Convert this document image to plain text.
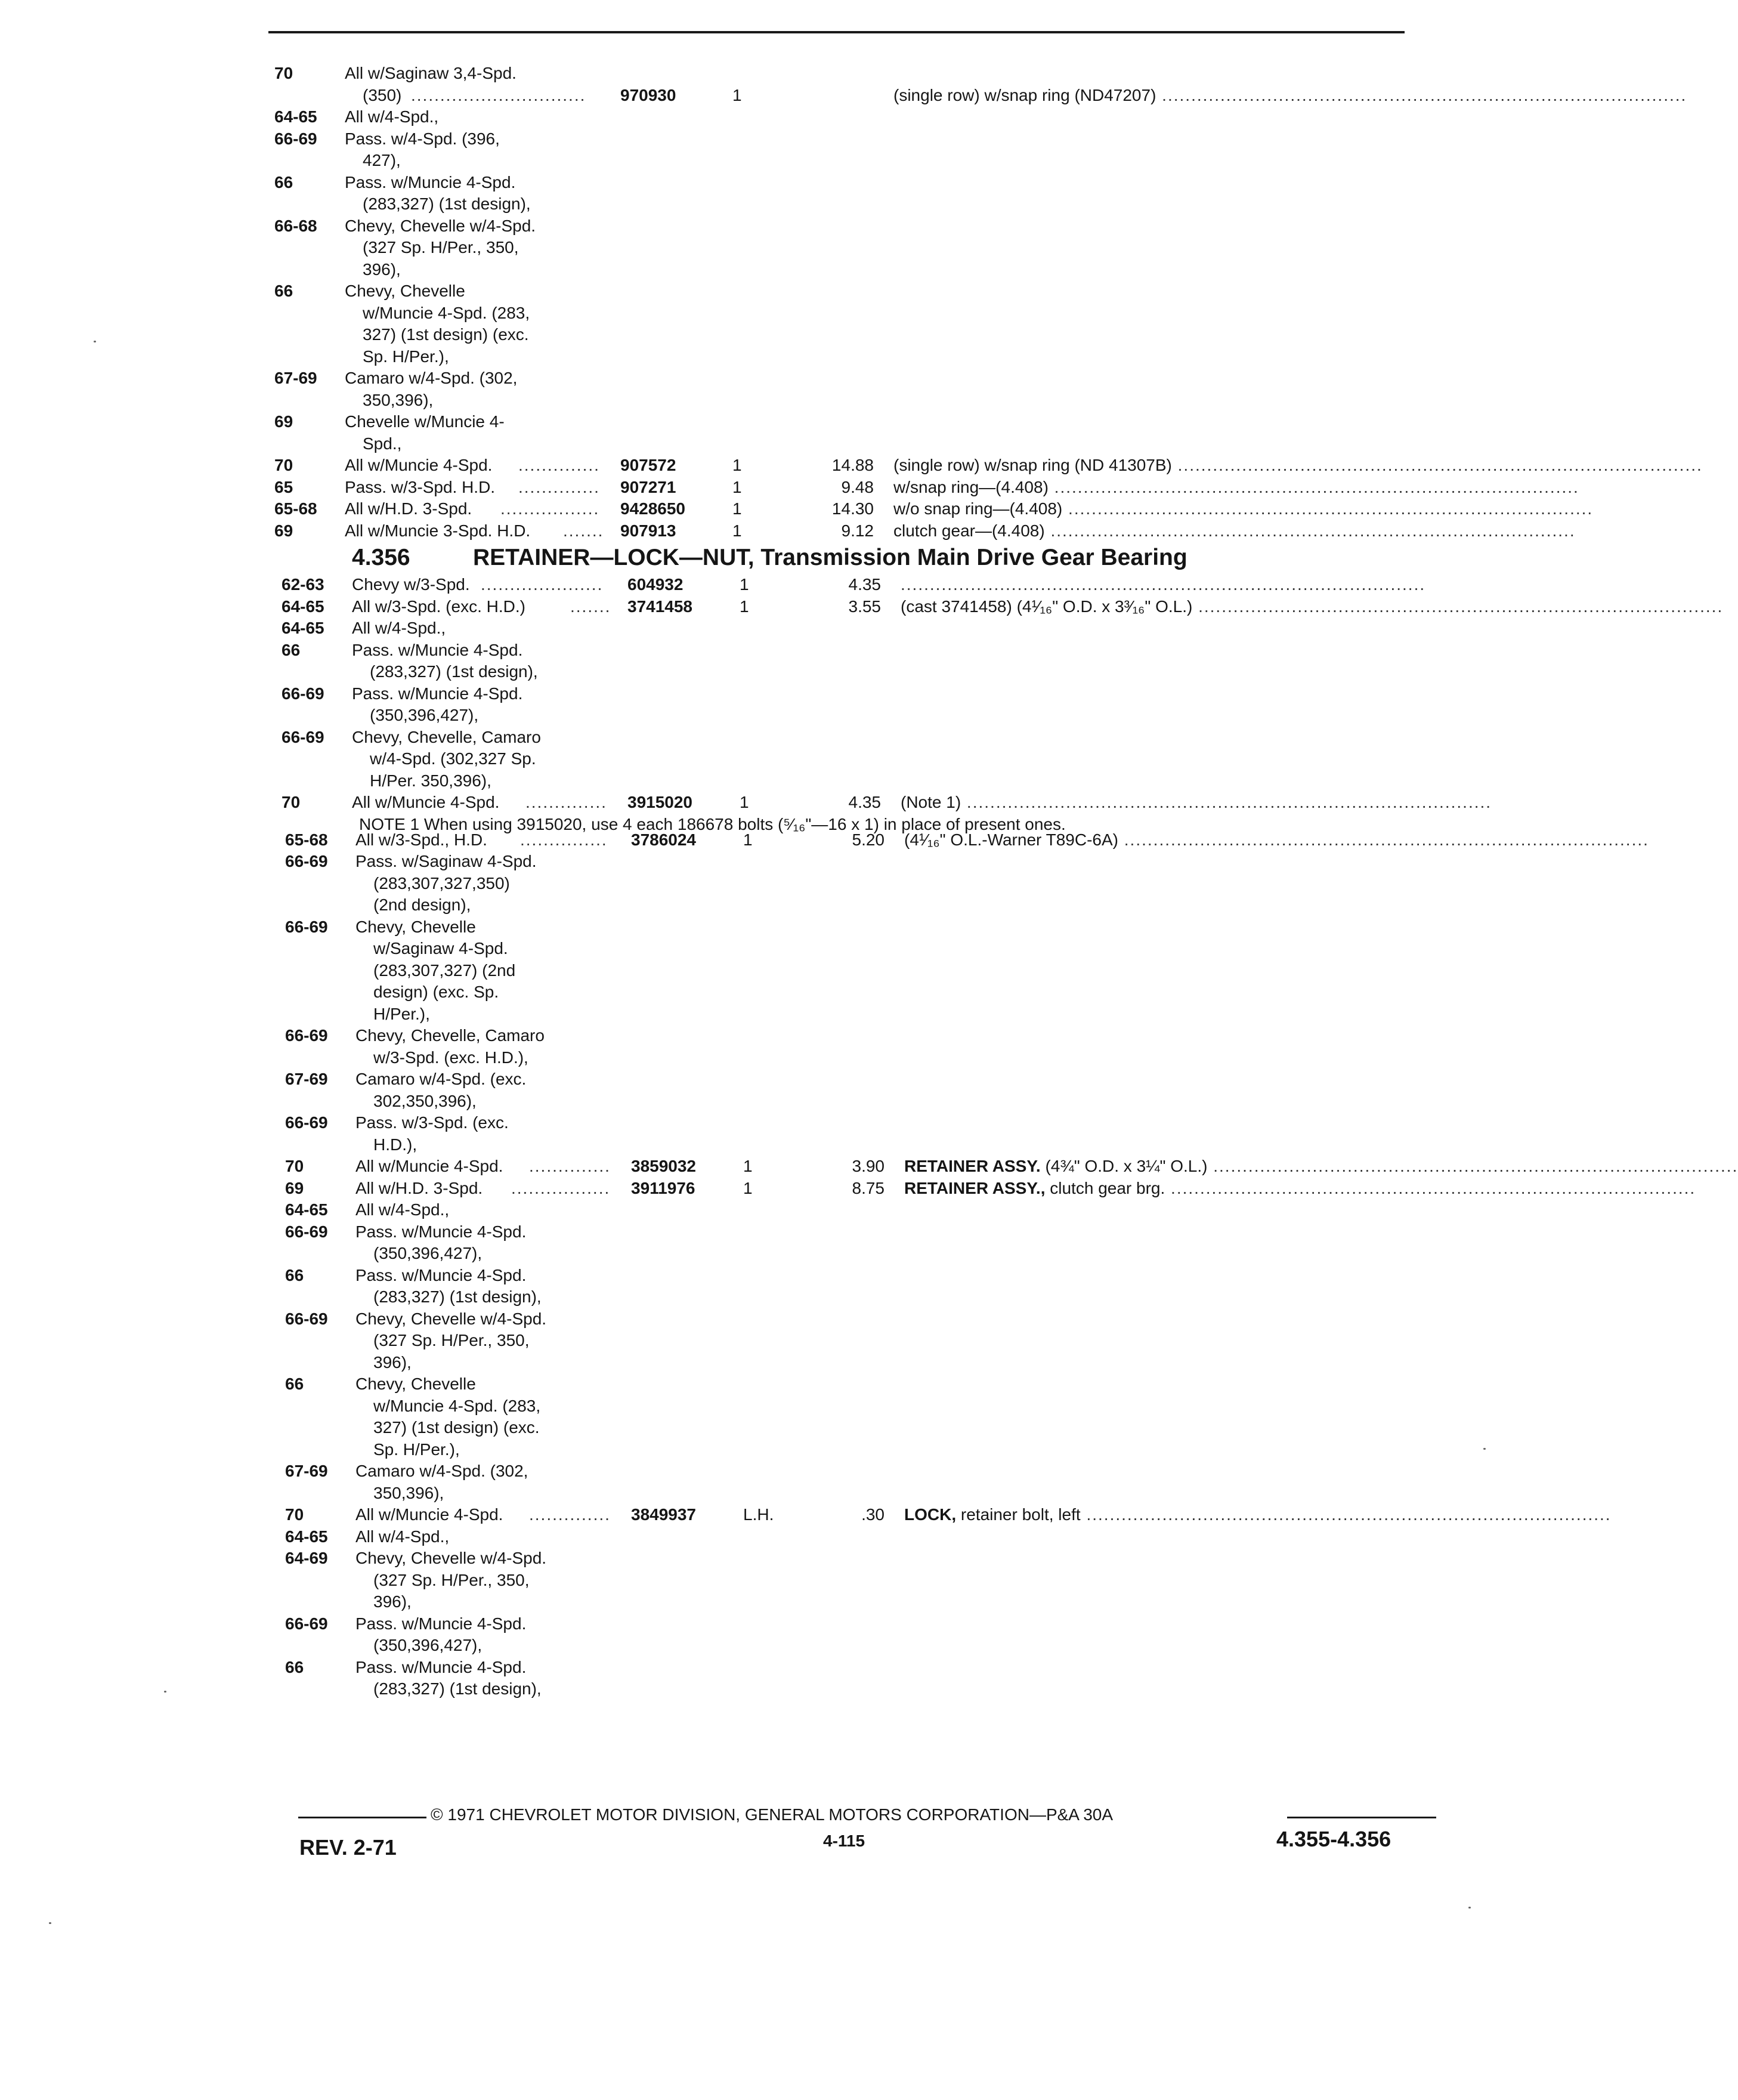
70	All w/Saginaw 3,4-Spd.
(350) .............................. 970930	1	(single row) w/snap ring (ND47207) ..........................................................................................
64-65 All w/4-Spd.,
66-69 Pass. w/4-Spd. (396,
427),
66	Pass. w/Muncie 4-Spd.
(283,327) (1st design),
66-68 Chevy, Chevelle w/4-Spd.
(327 Sp. H/Per., 350,
396),
66	Chevy, Chevelle
w/Muncie 4-Spd. (283,
327) (1st design) (exc.
Sp. H/Per.),
67-69 Camaro w/4-Spd. (302,
350,396),
69	Chevelle w/Muncie 4-
Spd.,
70	All w/Muncie 4-Spd. .............. 907572	1	14.88 (single row) w/snap ring (ND 41307B) ..........................................................................................
65	Pass. w/3-Spd. H.D. .............. 907271	1	9.48 w/snap ring—(4.408) ..........................................................................................
65-68 All w/H.D. 3-Spd. ................. 9428650	1	14.30 w/o snap ring—(4.408) ..........................................................................................
69	All w/Muncie 3-Spd. H.D. ....... 907913	1	9.12 clutch gear—(4.408) ..........................................................................................
4.356	RETAINER—LOCK—NUT, Transmission Main Drive Gear Bearing
62-63 Chevy w/3-Spd. ..................... 604932	1	4.35 ..........................................................................................
64-65 All w/3-Spd. (exc. H.D.)	....... 3741458	1	3.55 (cast 3741458) (4¹⁄₁₆" O.D. x 3³⁄₁₆" O.L.) ..........................................................................................
64-65 All w/4-Spd.,
66	Pass. w/Muncie 4-Spd.
(283,327) (1st design),
66-69 Pass. w/Muncie 4-Spd.
(350,396,427),
66-69 Chevy, Chevelle, Camaro
w/4-Spd. (302,327 Sp.
H/Per. 350,396),
70	All w/Muncie 4-Spd. .............. 3915020	1	4.35 (Note 1) ..........................................................................................
NOTE 1 When using 3915020, use 4 each 186678 bolts (⁵⁄₁₆"—16 x 1) in place of present ones.
65-68 All w/3-Spd., H.D. ............... 3786024	1	5.20 (4¹⁄₁₆" O.L.-Warner T89C-6A) ..........................................................................................
66-69 Pass. w/Saginaw 4-Spd.
(283,307,327,350)
(2nd design),
66-69 Chevy, Chevelle
w/Saginaw 4-Spd.
(283,307,327) (2nd
design) (exc. Sp.
H/Per.),
66-69 Chevy, Chevelle, Camaro
w/3-Spd. (exc. H.D.),
67-69 Camaro w/4-Spd. (exc.
302,350,396),
66-69 Pass. w/3-Spd. (exc.
H.D.),
70	All w/Muncie 4-Spd. .............. 3859032	1	3.90 RETAINER ASSY. (4¾" O.D. x 3¼" O.L.) ..........................................................................................
69	All w/H.D. 3-Spd. ................. 3911976	1	8.75 RETAINER ASSY., clutch gear brg. ..........................................................................................
64-65 All w/4-Spd.,
66-69 Pass. w/Muncie 4-Spd.
(350,396,427),
66	Pass. w/Muncie 4-Spd.
(283,327) (1st design),
66-69 Chevy, Chevelle w/4-Spd.
(327 Sp. H/Per., 350,
396),
66	Chevy, Chevelle
w/Muncie 4-Spd. (283,
327) (1st design) (exc.
Sp. H/Per.),
67-69 Camaro w/4-Spd. (302,
350,396),
70	All w/Muncie 4-Spd. .............. 3849937	L.H.	.30 LOCK, retainer bolt, left ..........................................................................................
64-65 All w/4-Spd.,
64-69 Chevy, Chevelle w/4-Spd.
(327 Sp. H/Per., 350,
396),
66-69 Pass. w/Muncie 4-Spd.
(350,396,427),
66	Pass. w/Muncie 4-Spd.
(283,327) (1st design),
© 1971 CHEVROLET MOTOR DIVISION, GENERAL MOTORS CORPORATION—P&A 30A
REV. 2-71	4-115	4.355-4.356
